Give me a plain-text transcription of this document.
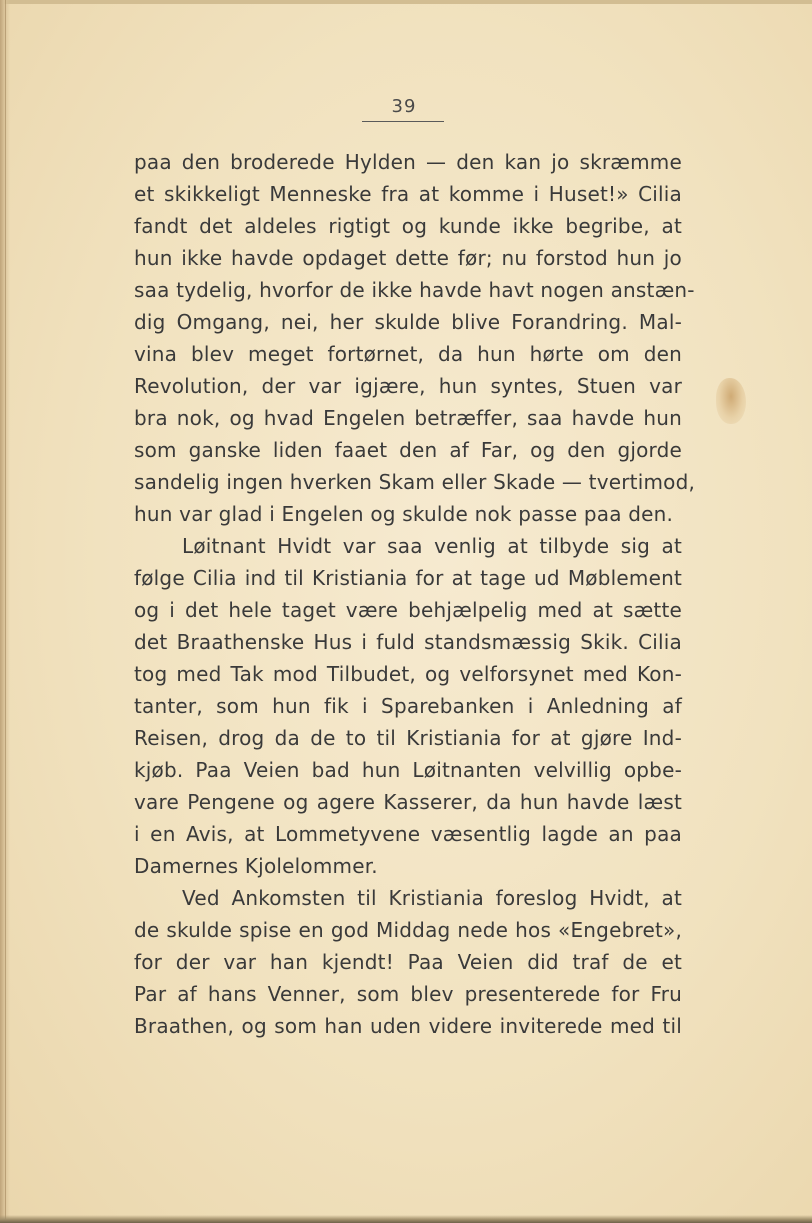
39
paa den broderede Hylden — den kan jo skræmme
et skikkeligt Menneske fra at komme i Huset!» Cilia
fandt det aldeles rigtigt og kunde ikke begribe, at
hun ikke havde opdaget dette før; nu forstod hun jo
saa tydelig, hvorfor de ikke havde havt nogen anstæn-
dig Omgang, nei, her skulde blive Forandring. Mal-
vina blev meget fortørnet, da hun hørte om den
Revolution, der var igjære, hun syntes, Stuen var
bra nok, og hvad Engelen betræffer, saa havde hun
som ganske liden faaet den af Far, og den gjorde
sandelig ingen hverken Skam eller Skade — tvertimod,
hun var glad i Engelen og skulde nok passe paa den.
Løitnant Hvidt var saa venlig at tilbyde sig at
følge Cilia ind til Kristiania for at tage ud Møblement
og i det hele taget være behjælpelig med at sætte
det Braathenske Hus i fuld standsmæssig Skik. Cilia
tog med Tak mod Tilbudet, og velforsynet med Kon-
tanter, som hun fik i Sparebanken i Anledning af
Reisen, drog da de to til Kristiania for at gjøre Ind-
kjøb. Paa Veien bad hun Løitnanten velvillig opbe-
vare Pengene og agere Kasserer, da hun havde læst
i en Avis, at Lommetyvene væsentlig lagde an paa
Damernes Kjolelommer.
Ved Ankomsten til Kristiania foreslog Hvidt, at
de skulde spise en god Middag nede hos «Engebret»,
for der var han kjendt! Paa Veien did traf de et
Par af hans Venner, som blev presenterede for Fru
Braathen, og som han uden videre inviterede med til
